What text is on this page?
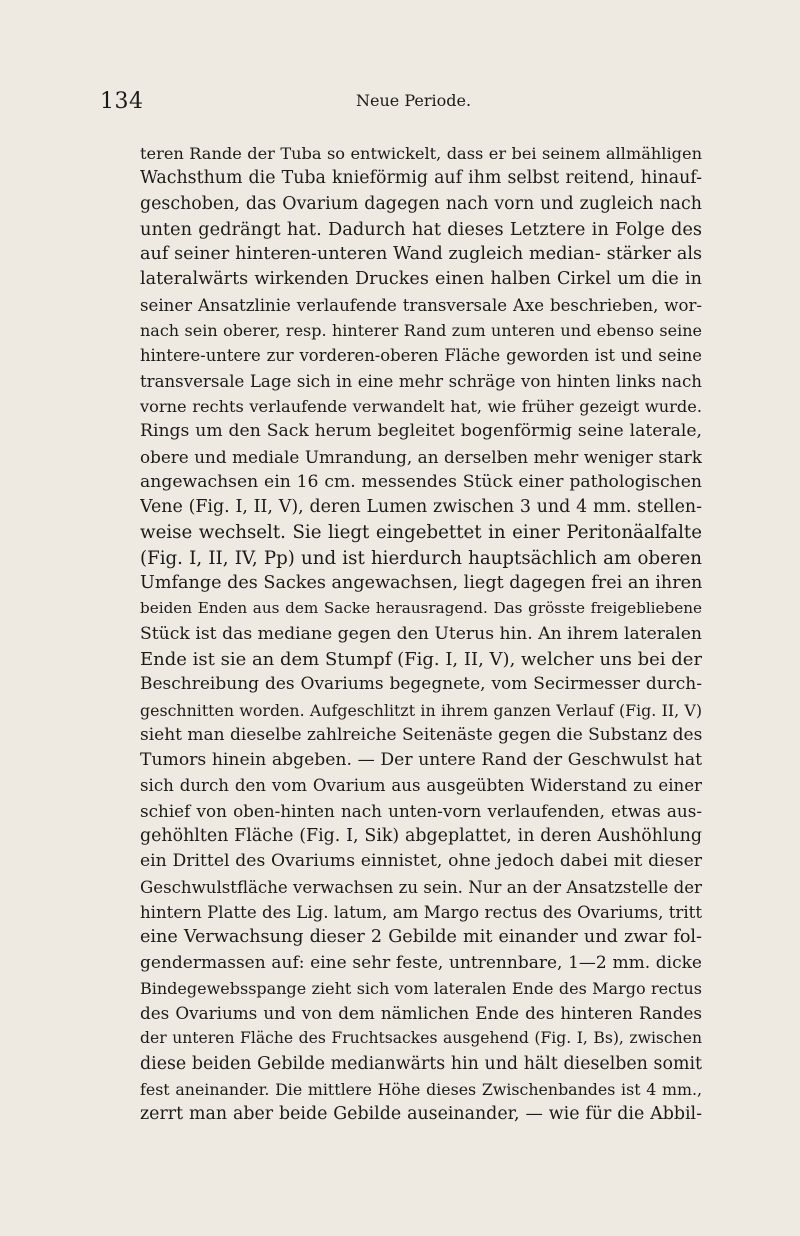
134	Neue Periode.
teren Rande der Tuba so entwickelt, dass er bei seinem allmähligen
Wachsthum die Tuba knieförmig auf ihm selbst reitend, hinauf-
geschoben, das Ovarium dagegen nach vorn und zugleich nach
unten gedrängt hat. Dadurch hat dieses Letztere in Folge des
auf seiner hinteren-unteren Wand zugleich median- stärker als
lateralwärts wirkenden Druckes einen halben Cirkel um die in
seiner Ansatzlinie verlaufende transversale Axe beschrieben, wor-
nach sein oberer, resp. hinterer Rand zum unteren und ebenso seine
hintere-untere zur vorderen-oberen Fläche geworden ist und seine
transversale Lage sich in eine mehr schräge von hinten links nach
vorne rechts verlaufende verwandelt hat, wie früher gezeigt wurde.
Rings um den Sack herum begleitet bogenförmig seine laterale,
obere und mediale Umrandung, an derselben mehr weniger stark
angewachsen ein 16 cm. messendes Stück einer pathologischen
Vene (Fig. I, II, V), deren Lumen zwischen 3 und 4 mm. stellen-
weise wechselt. Sie liegt eingebettet in einer Peritonäalfalte
(Fig. I, II, IV, Pp) und ist hierdurch hauptsächlich am oberen
Umfange des Sackes angewachsen, liegt dagegen frei an ihren
beiden Enden aus dem Sacke herausragend. Das grösste freigebliebene
Stück ist das mediane gegen den Uterus hin. An ihrem lateralen
Ende ist sie an dem Stumpf (Fig. I, II, V), welcher uns bei der
Beschreibung des Ovariums begegnete, vom Secirmesser durch-
geschnitten worden. Aufgeschlitzt in ihrem ganzen Verlauf (Fig. II, V)
sieht man dieselbe zahlreiche Seitenäste gegen die Substanz des
Tumors hinein abgeben. — Der untere Rand der Geschwulst hat
sich durch den vom Ovarium aus ausgeübten Widerstand zu einer
schief von oben-hinten nach unten-vorn verlaufenden, etwas aus-
gehöhlten Fläche (Fig. I, Sik) abgeplattet, in deren Aushöhlung
ein Drittel des Ovariums einnistet, ohne jedoch dabei mit dieser
Geschwulstfläche verwachsen zu sein. Nur an der Ansatzstelle der
hintern Platte des Lig. latum, am Margo rectus des Ovariums, tritt
eine Verwachsung dieser 2 Gebilde mit einander und zwar fol-
gendermassen auf: eine sehr feste, untrennbare, 1—2 mm. dicke
Bindegewebsspange zieht sich vom lateralen Ende des Margo rectus
des Ovariums und von dem nämlichen Ende des hinteren Randes
der unteren Fläche des Fruchtsackes ausgehend (Fig. I, Bs), zwischen
diese beiden Gebilde medianwärts hin und hält dieselben somit
fest aneinander. Die mittlere Höhe dieses Zwischenbandes ist 4 mm.,
zerrt man aber beide Gebilde auseinander, — wie für die Abbil-
